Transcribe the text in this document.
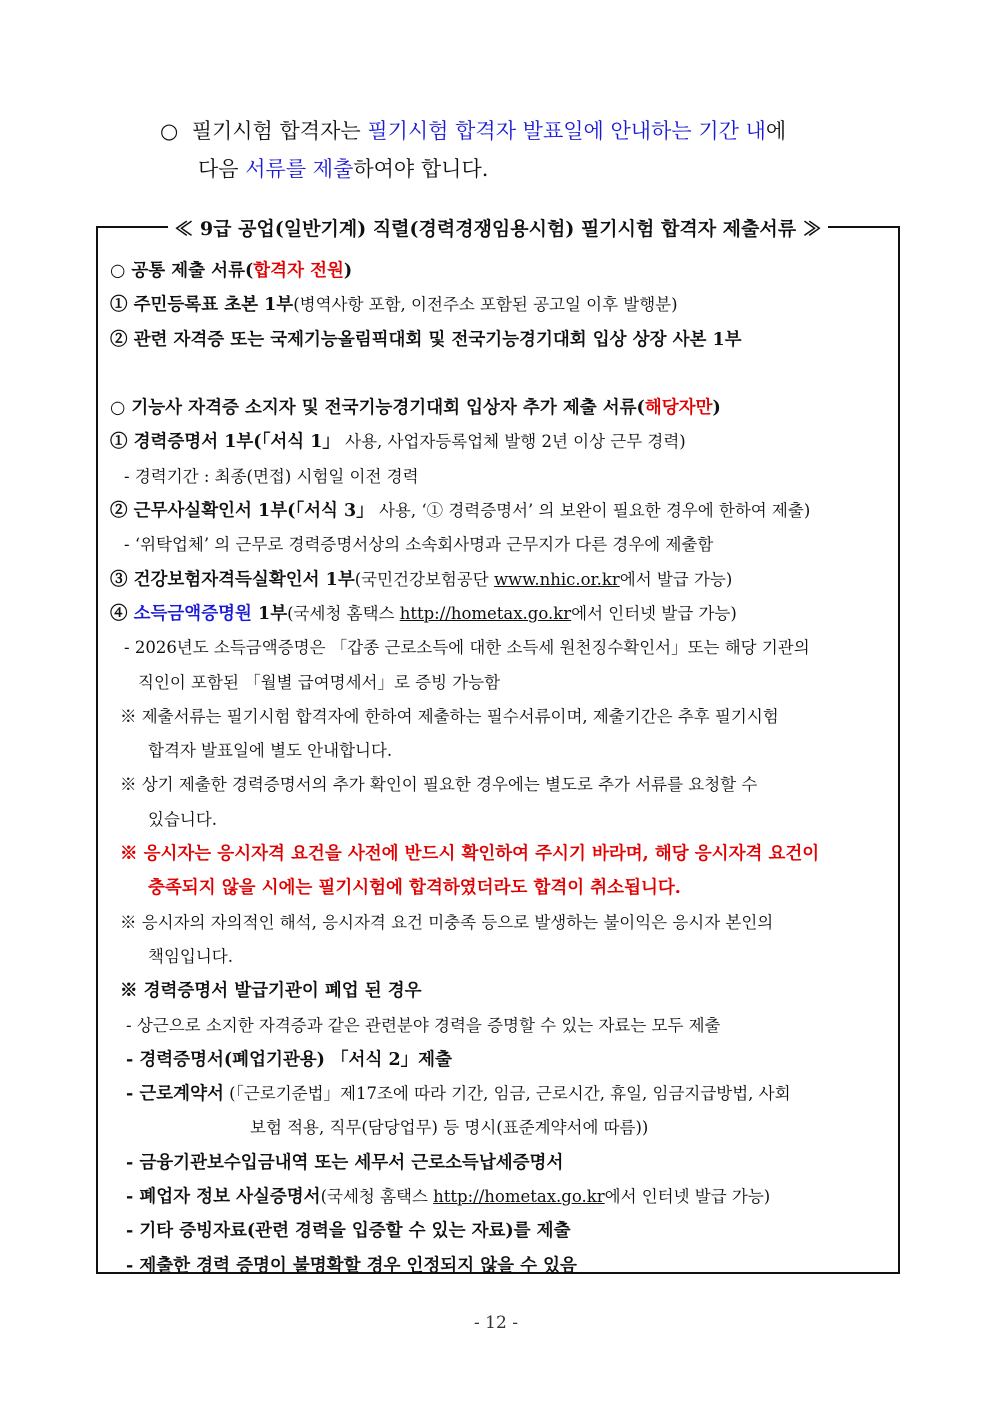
○ 필기시험 합격자는 필기시험 합격자 발표일에 안내하는 기간 내에
다음 서류를 제출하여야 합니다.
≪ 9급 공업(일반기계) 직렬(경력경쟁임용시험) 필기시험 합격자 제출서류 ≫
○ 공통 제출 서류(합격자 전원)
① 주민등록표 초본 1부(병역사항 포함, 이전주소 포함된 공고일 이후 발행분)
② 관련 자격증 또는 국제기능올림픽대회 및 전국기능경기대회 입상 상장 사본 1부
○ 기능사 자격증 소지자 및 전국기능경기대회 입상자 추가 제출 서류(해당자만)
① 경력증명서 1부(「서식 1」 사용, 사업자등록업체 발행 2년 이상 근무 경력)
- 경력기간 : 최종(면접) 시험일 이전 경력
② 근무사실확인서 1부(「서식 3」 사용, ‘① 경력증명서’ 의 보완이 필요한 경우에 한하여 제출)
- ‘위탁업체’ 의 근무로 경력증명서상의 소속회사명과 근무지가 다른 경우에 제출함
③ 건강보험자격득실확인서 1부(국민건강보험공단 www.nhic.or.kr에서 발급 가능)
④ 소득금액증명원 1부(국세청 홈택스 http://hometax.go.kr에서 인터넷 발급 가능)
- 2026년도 소득금액증명은 「갑종 근로소득에 대한 소득세 원천징수확인서」또는 해당 기관의
직인이 포함된 「월별 급여명세서」로 증빙 가능함
※ 제출서류는 필기시험 합격자에 한하여 제출하는 필수서류이며, 제출기간은 추후 필기시험
합격자 발표일에 별도 안내합니다.
※ 상기 제출한 경력증명서의 추가 확인이 필요한 경우에는 별도로 추가 서류를 요청할 수
있습니다.
※ 응시자는 응시자격 요건을 사전에 반드시 확인하여 주시기 바라며, 해당 응시자격 요건이
충족되지 않을 시에는 필기시험에 합격하였더라도 합격이 취소됩니다.
※ 응시자의 자의적인 해석, 응시자격 요건 미충족 등으로 발생하는 불이익은 응시자 본인의
책임입니다.
※ 경력증명서 발급기관이 폐업 된 경우
- 상근으로 소지한 자격증과 같은 관련분야 경력을 증명할 수 있는 자료는 모두 제출
- 경력증명서(폐업기관용) 「서식 2」제출
- 근로계약서 (「근로기준법」제17조에 따라 기간, 임금, 근로시간, 휴일, 임금지급방법, 사회
보험 적용, 직무(담당업무) 등 명시(표준계약서에 따름))
- 금융기관보수입금내역 또는 세무서 근로소득납세증명서
- 폐업자 정보 사실증명서(국세청 홈택스 http://hometax.go.kr에서 인터넷 발급 가능)
- 기타 증빙자료(관련 경력을 입증할 수 있는 자료)를 제출
- 제출한 경력 증명이 불명확할 경우 인정되지 않을 수 있음
- 12 -
